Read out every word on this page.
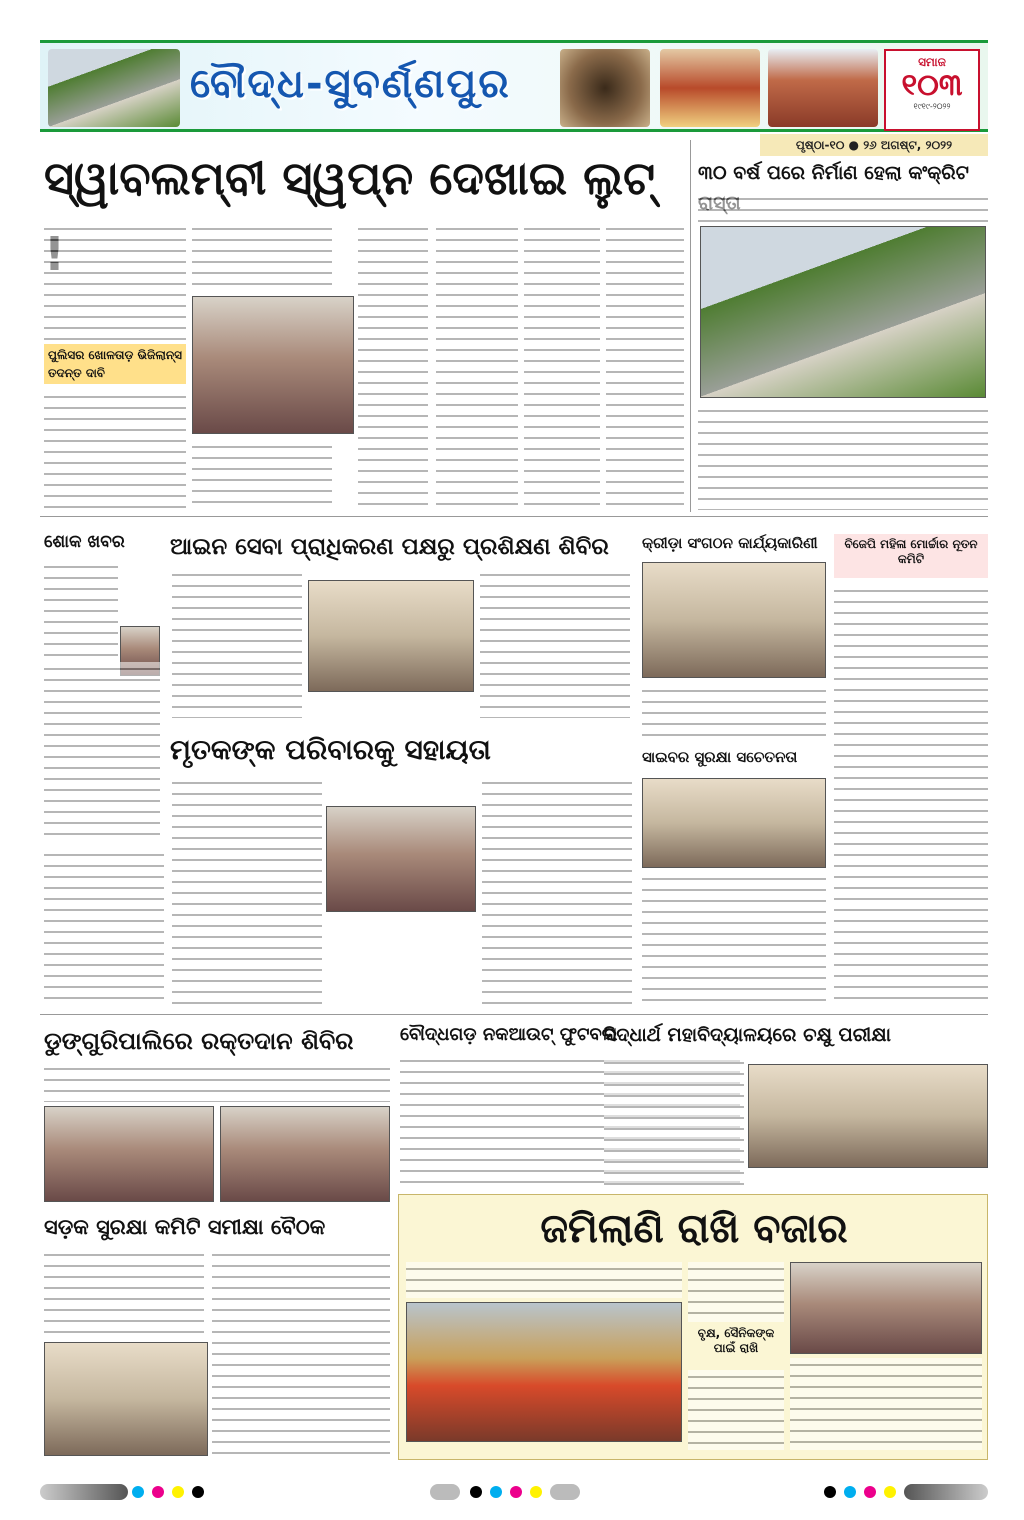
ବୌଦ୍ଧ-ସୁବର୍ଣ୍ଣପୁର	ସମାଜ
୧୦୩
୧୯୧୯-୨୦୨୨
ପୃଷ୍ଠା-୧୦ ● ୨୬ ଅଗଷ୍ଟ, ୨୦୨୨
ସ୍ୱାବଲମ୍ବୀ ସ୍ୱପ୍ନ ଦେଖାଇ ଲୁଟ୍
ପୁଲିସର ଖୋଳତାଡ଼ ଭିଜିଲାନ୍ସ ତଦନ୍ତ ଦାବି
୩୦ ବର୍ଷ ପରେ ନିର୍ମାଣ ହେଲା କଂକ୍ରିଟ
ଶୋକ ଖବର	ଆଇନ ସେବା ପ୍ରାଧିକରଣ ପକ୍ଷରୁ ପ୍ରଶିକ୍ଷଣ ଶିବିର	କ୍ରୀଡ଼ା ସଂଗଠନ କାର୍ଯ୍ୟକାରିଣୀ	ବିଜେପି ମହିଳା ମୋର୍ଚ୍ଚାର ନୂତନ କମିଟି
ମୃତକଙ୍କ ପରିବାରକୁ ସହାୟତା	ସାଇବର ସୁରକ୍ଷା ସଚେତନତା
ଡୁଙ୍ଗୁରିପାଲିରେ ରକ୍ତଦାନ ଶିବିର	ବୌଦ୍ଧଗଡ଼ ନକଆଉଟ୍ ଫୁଟବଲ
ସିଦ୍ଧାର୍ଥ ମହାବିଦ୍ୟାଳୟରେ ଚକ୍ଷୁ ପରୀକ୍ଷା
ସଡ଼କ ସୁରକ୍ଷା କମିଟି ସମୀକ୍ଷା ବୈଠକ	ଜମିଲାଣି ରାଖି ବଜାର
ବୃକ୍ଷ, ସୈନିକଙ୍କ ପାଇଁ ରାଖି
